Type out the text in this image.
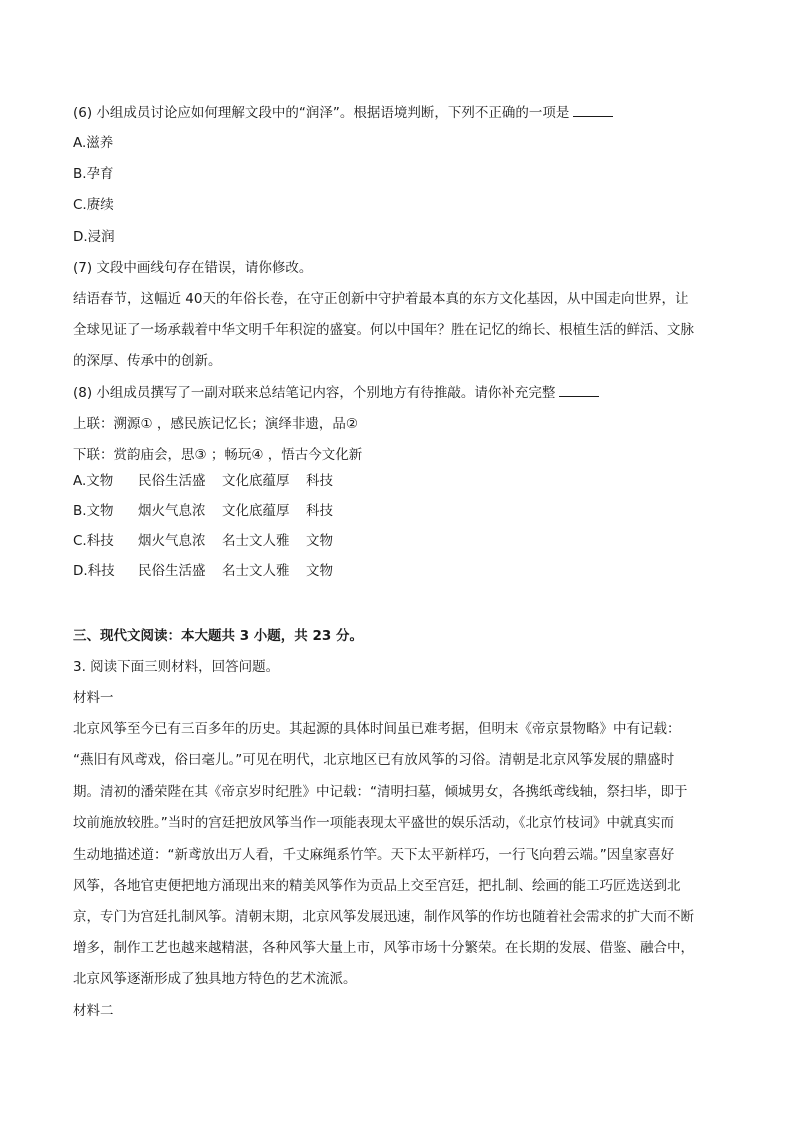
(6) 小组成员讨论应如何理解文段中的“润泽”。根据语境判断，下列不正确的一项是
A.滋养
B.孕育
C.赓续
D.浸润
(7) 文段中画线句存在错误，请你修改。
结语春节，这幅近 40天的年俗长卷，在守正创新中守护着最本真的东方文化基因，从中国走向世界，让
全球见证了一场承载着中华文明千年积淀的盛宴。何以中国年？胜在记忆的绵长、根植生活的鲜活、文脉
的深厚、传承中的创新。
(8) 小组成员撰写了一副对联来总结笔记内容，个别地方有待推敲。请你补充完整
上联：溯源① ，感民族记忆长；演绎非遗，品②
下联：赏韵庙会，思③ ；畅玩④ ，悟古今文化新
A.文物 民俗生活盛 文化底蕴厚 科技
B.文物 烟火气息浓 文化底蕴厚 科技
C.科技 烟火气息浓 名士文人雅 文物
D.科技 民俗生活盛 名士文人雅 文物
三、现代文阅读：本大题共 3 小题，共 23 分。
3. 阅读下面三则材料，回答问题。
材料一
北京风筝至今已有三百多年的历史。其起源的具体时间虽已难考据，但明末《帝京景物略》中有记载：
“燕旧有风鸢戏，俗曰毫儿。”可见在明代，北京地区已有放风筝的习俗。清朝是北京风筝发展的鼎盛时
期。清初的潘荣陛在其《帝京岁时纪胜》中记载：“清明扫墓，倾城男女，各携纸鸢线轴，祭扫毕，即于
坟前施放较胜。”当时的宫廷把放风筝当作一项能表现太平盛世的娱乐活动，《北京竹枝词》中就真实而
生动地描述道：“新鸢放出万人看，千丈麻绳系竹竿。天下太平新样巧，一行飞向碧云端。”因皇家喜好
风筝，各地官吏便把地方涌现出来的精美风筝作为贡品上交至宫廷，把扎制、绘画的能工巧匠选送到北
京，专门为宫廷扎制风筝。清朝末期，北京风筝发展迅速，制作风筝的作坊也随着社会需求的扩大而不断
增多，制作工艺也越来越精湛，各种风筝大量上市，风筝市场十分繁荣。在长期的发展、借鉴、融合中，
北京风筝逐渐形成了独具地方特色的艺术流派。
材料二
